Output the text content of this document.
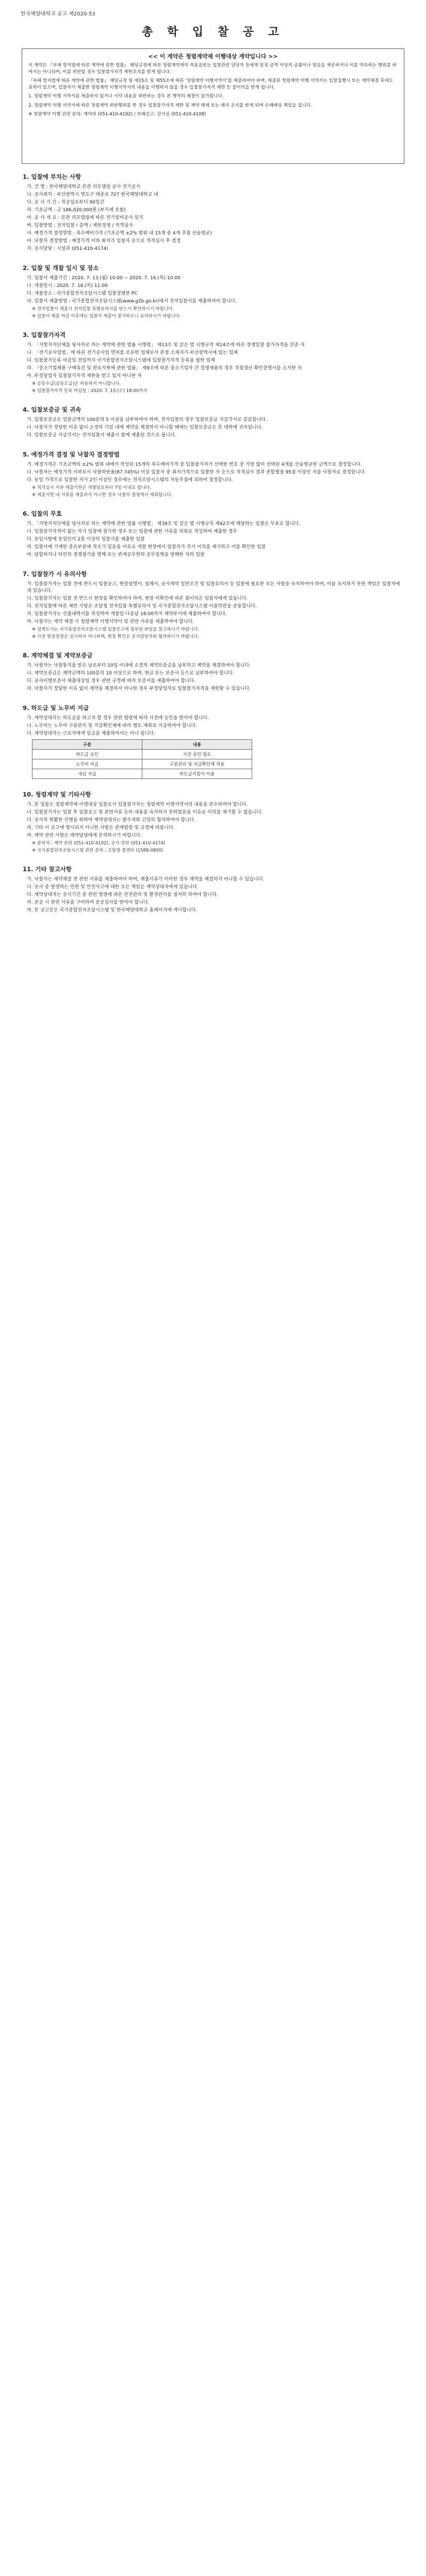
한국해양대학교 공고 제2020-53
총 학 입 찰 공 고
<< 이 계약은 청렴계약제 이행대상 계약입니다 >>
이 계약은 『부패 방지법에 따른 계약에 관한 법률』 해당규정에 따른 청렴계약제의 적용을받는 입찰관련 담당자 등에게 일정 금액 이상의 금품이나 향응을 제공하거나 이를 약속하는 행위를 하여서는 아니되며, 이를 위반할 경우 입찰참가자격 제한조치를 받게 됩니다.
『부패 방지법에 따른 계약에 관한 법률』 해당규정 및 제15조 및 제55조에 따른 '청렴계약 이행서약서'를 제출하여야 하며, 제출된 청렴계약 이행 서약서는 입찰집행시 또는 계약체결 후에도 효력이 있으며, 입찰자가 제출한 청렴계약 이행서약서의 내용을 이행하지 않을 경우 입찰참가자격 제한 등 불이익을 받게 됩니다.
1. 청렴계약 이행 서약서를 제출하지 않거나 서약 내용을 위반하는 경우 본 계약의 체결이 불가합니다.
2. 청렴계약 이행 서약서에 따른 청렴계약 위반행위를 한 경우 입찰참가자격 제한 및 계약 해제 또는 해지 조치를 받게 되며 손해배상 책임을 집니다.
※ 청렴계약 이행 관련 문의: 계약과 (051-410-4192) / 부패신고: 감사실 (051-410-4108)
1. 입찰에 부치는 사항
가. 건 명 : 한국해양대학교 본관 리모델링 공사 전기공사
나. 공사위치 : 부산광역시 영도구 태종로 727 한국해양대학교 내
다. 공 사 기 간 : 착공일로부터 90일간
라. 기초금액 : 금 186,020,000원 (부가세 포함)
마. 공 사 개 요 : 본관 리모델링에 따른 전기설비공사 일식
바. 입찰방법 : 전자입찰 / 총액 / 제한경쟁 / 적격심사
사. 예정가격 결정방법 : 복수예비가격 (기초금액 ±2% 범위 내 15개 중 4개 추첨 산술평균)
아. 낙찰자 결정방법 : 예정가격 이하 최저가 입찰자 순으로 적격심사 후 결정
자. 공사담당 : 시설과 (051-410-4174)
2. 입찰 및 개찰 일시 및 장소
가. 입찰서 제출기간 : 2020. 7. 13.(월) 10:00 ~ 2020. 7. 16.(목) 10:00
나. 개찰일시 : 2020. 7. 16.(목) 11:00
다. 개찰장소 : 국가종합전자조달시스템 입찰집행관 PC
라. 입찰서 제출방법 : 국가종합전자조달시스템(www.g2b.go.kr)에서 전자입찰서를 제출하여야 합니다.
※ 전자입찰서 제출시 전자입찰 특별유의서를 반드시 확인하시기 바랍니다.
※ 입찰서 제출 마감 이후에는 입찰서 제출이 불가하오니 유의하시기 바랍니다.
3. 입찰참가자격
가. 「지방자치단체를 당사자로 하는 계약에 관한 법률 시행령」 제13조 및 같은 법 시행규칙 제14조에 따른 경쟁입찰 참가자격을 갖춘 자
나. 「전기공사업법」에 따른 전기공사업 면허를 보유한 업체로서 본점 소재지가 부산광역시에 있는 업체
다. 입찰참가등록 마감일 전일까지 국가종합전자조달시스템에 입찰참가자격 등록을 필한 업체
라. 「중소기업제품 구매촉진 및 판로지원에 관한 법률」 제9조에 따른 중소기업자 간 경쟁제품의 경우 직접생산 확인증명서를 소지한 자
마. 부정당업자 입찰참가자격 제한을 받고 있지 아니한 자
※ 공동수급(공동도급)은 허용하지 아니합니다.
※ 입찰참가자격 등록 마감일 : 2020. 7. 15.(수) 18:00까지
4. 입찰보증금 및 귀속
가. 입찰보증금은 입찰금액의 100분의 5 이상을 납부하여야 하며, 전자입찰의 경우 입찰보증금 지급각서로 갈음합니다.
나. 낙찰자가 정당한 이유 없이 소정의 기일 내에 계약을 체결하지 아니할 때에는 입찰보증금은 본 대학에 귀속됩니다.
다. 입찰보증금 지급각서는 전자입찰서 제출시 함께 제출된 것으로 봅니다.
5. 예정가격 결정 및 낙찰자 결정방법
가. 예정가격은 기초금액의 ±2% 범위 내에서 작성된 15개의 복수예비가격 중 입찰참가자가 선택한 번호 중 가장 많이 선택된 4개를 산술평균한 금액으로 결정합니다.
나. 낙찰자는 예정가격 이하로서 낙찰하한율(87.745%) 이상 입찰자 중 최저가격으로 입찰한 자 순으로 적격심사 결과 종합평점 95점 이상인 자를 낙찰자로 결정합니다.
다. 동일 가격으로 입찰한 자가 2인 이상인 경우에는 전자조달시스템의 자동추첨에 의하여 결정합니다.
※ 적격심사 서류 제출기한은 개찰일로부터 7일 이내로 합니다.
※ 제출기한 내 서류를 제출하지 아니한 경우 낙찰자 결정에서 제외됩니다.
6. 입찰의 무효
가. 「지방자치단체를 당사자로 하는 계약에 관한 법률 시행령」 제39조 및 같은 법 시행규칙 제42조에 해당하는 입찰은 무효로 합니다.
나. 입찰참가자격이 없는 자가 입찰에 참가한 경우 또는 입찰에 관한 서류를 허위로 작성하여 제출한 경우
다. 동일사항에 동일인이 2통 이상의 입찰서를 제출한 입찰
라. 입찰서에 기재한 중요부분에 착오가 있음을 이유로 개찰 현장에서 입찰자가 즉시 이의를 제기하고 이를 확인한 입찰
마. 담합하거나 타인의 경쟁참가를 방해 또는 관계공무원의 공무집행을 방해한 자의 입찰
7. 입찰참가 시 유의사항
가. 입찰참가자는 입찰 전에 반드시 입찰공고, 현장설명서, 설계서, 공사계약 일반조건 및 입찰유의서 등 입찰에 필요한 모든 사항을 숙지하여야 하며, 이를 숙지하지 못한 책임은 입찰자에게 있습니다.
나. 입찰참가자는 입찰 전 반드시 현장을 확인하여야 하며, 현장 미확인에 따른 불이익은 입찰자에게 있습니다.
다. 전자입찰에 따른 제반 사항은 조달청 전자입찰 특별유의서 및 국가종합전자조달시스템 이용약관을 준용합니다.
라. 입찰참가자는 산출내역서를 작성하여 개찰일 다음날 18:00까지 계약부서에 제출하여야 합니다.
마. 낙찰자는 계약 체결 시 청렴계약 이행서약서 및 관련 서류를 제출하여야 합니다.
※ 설계도서는 국가종합전자조달시스템 입찰공고에 첨부된 파일을 참고하시기 바랍니다.
※ 사전 현장설명은 실시하지 아니하며, 현장 확인은 공사담당자와 협의하시기 바랍니다.
8. 계약체결 및 계약보증금
가. 낙찰자는 낙찰통지를 받은 날로부터 10일 이내에 소정의 계약보증금을 납부하고 계약을 체결하여야 합니다.
나. 계약보증금은 계약금액의 100분의 10 이상으로 하며, 현금 또는 보증서 등으로 납부하여야 합니다.
다. 공사이행보증서 제출대상일 경우 관련 규정에 따라 보증서를 제출하여야 합니다.
라. 낙찰자가 정당한 이유 없이 계약을 체결하지 아니한 경우 부정당업자로 입찰참가자격을 제한할 수 있습니다.
9. 하도급 및 노무비 지급
가. 계약상대자는 하도급을 하고자 할 경우 관련 법령에 따라 사전에 승인을 받아야 합니다.
나. 노무비는 노무비 구분관리 및 지급확인제에 따라 별도 계좌로 지급하여야 합니다.
다. 계약상대자는 근로자에게 임금을 체불하여서는 아니 됩니다.
구분	내용
하도급 승인	사전 승인 필요
노무비 지급	구분관리 및 지급확인제 적용
대금 지급	하도급지킴이 이용
10. 청렴계약 및 기타사항
가. 본 입찰은 청렴계약제 이행대상 입찰로서 입찰참가자는 청렴계약 이행서약서의 내용을 준수하여야 합니다.
나. 입찰참가자는 입찰 후 입찰공고 및 관련서류 등의 내용을 숙지하지 못하였음을 이유로 이의를 제기할 수 없습니다.
다. 공사의 원활한 진행을 위하여 계약상대자는 발주처와 긴밀히 협의하여야 합니다.
라. 기타 이 공고에 명시되지 아니한 사항은 관계법령 및 규정에 따릅니다.
마. 계약 관련 사항은 계약담당에게 문의하시기 바랍니다.
※ 문의처 : 계약 관련 (051-410-4192), 공사 관련 (051-410-4174)
※ 국가종합전자조달시스템 관련 문의 : 조달청 콜센터 (1588-0800)
11. 기타 참고사항
가. 낙찰자는 계약체결 전 관련 서류를 제출하여야 하며, 제출서류가 미비한 경우 계약을 체결하지 아니할 수 있습니다.
나. 공사 중 발생하는 민원 및 안전사고에 대한 모든 책임은 계약상대자에게 있습니다.
다. 계약상대자는 공사기간 중 관련 법령에 따른 안전관리 및 환경관리를 철저히 하여야 합니다.
라. 준공 시 관련 서류를 구비하여 준공검사를 받아야 합니다.
마. 본 공고문은 국가종합전자조달시스템 및 한국해양대학교 홈페이지에 게시합니다.
